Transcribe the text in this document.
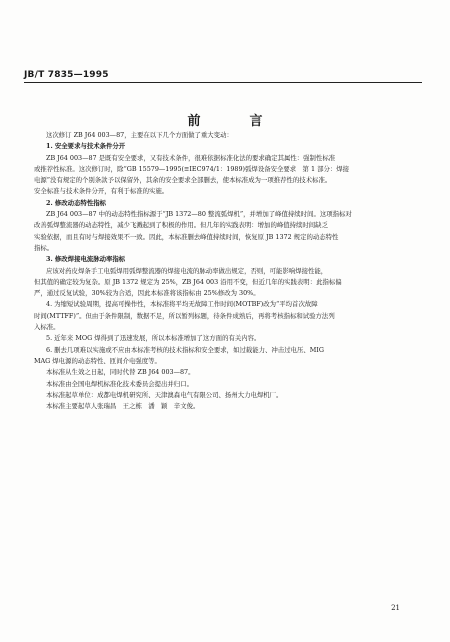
JB/T 7835—1995
前　言

这次修订 ZB J64 003—87，主要在以下几个方面做了重大变动：

1. 安全要求与技术条件分开

ZB J64 003—87 是既有安全要求，又有技术条件，很难依据标准化法的要求确定其属性：强制性标准

或推荐性标准。这次修订时，除“GB 15579—1995(≡IEC974/1：1989)弧焊设备安全要求　第 1 部分：焊接

电源”没有规定的个别条款予以保留外，其余的安全要求全部删去，使本标准成为一项推荐性的技术标准。

安全标准与技术条件分开，有利于标准的实施。

2. 修改动态特性指标

ZB J64 003—87 中的动态特性指标源于“JB 1372—80 整流弧焊机”，并增加了峰值持续时间。这项指标对

改善弧焊整流器的动态特性，减少飞溅起到了积极的作用。但几年的实践表明：增加的峰值持续时间缺乏

实验依据，而且有时与焊接效果不一致。因此，本标准删去峰值持续时间，恢复原 JB 1372 规定的动态特性

指标。

3. 修改焊接电流脉动率指标

应该对药皮焊条手工电弧焊用弧焊整流器的焊接电流的脉动率做出规定，否则，可能影响焊接性能，

但其值的确定较为复杂。原 JB 1372 规定为 25%，ZB J64 003 沿用不变，但近几年的实践表明：此指标偏

严，通过反复试验，30%较为合适，因此本标准将该指标由 25%修改为 30%。

4. 为缩短试验周期，提高可操作性，本标准将平均无故障工作时间(MOTBF)改为“平均首次故障

时间(MTTFF)”。但由于条件限制，数据不足，所以暂列标题，待条件成熟后，再将考核指标和试验方法列

入标准。

5. 近年来 MOG 焊得到了迅速发展，所以本标准增加了这方面的有关内容。

6. 删去几项难以实施或不应由本标准考核的技术指标和安全要求，如过载能力、冲击过电压、MIG

MAG 焊电源的动态特性、匝间介电强度等。

本标准从生效之日起，同时代替 ZB J64 003—87。

本标准由全国电焊机标准化技术委员会提出并归口。

本标准起草单位：成都电焊机研究所、天津澳森电气有限公司、扬州大力电焊机厂。

本标准主要起草人张瑞昌　王之栋　潘　颖　辛文俊。

21
